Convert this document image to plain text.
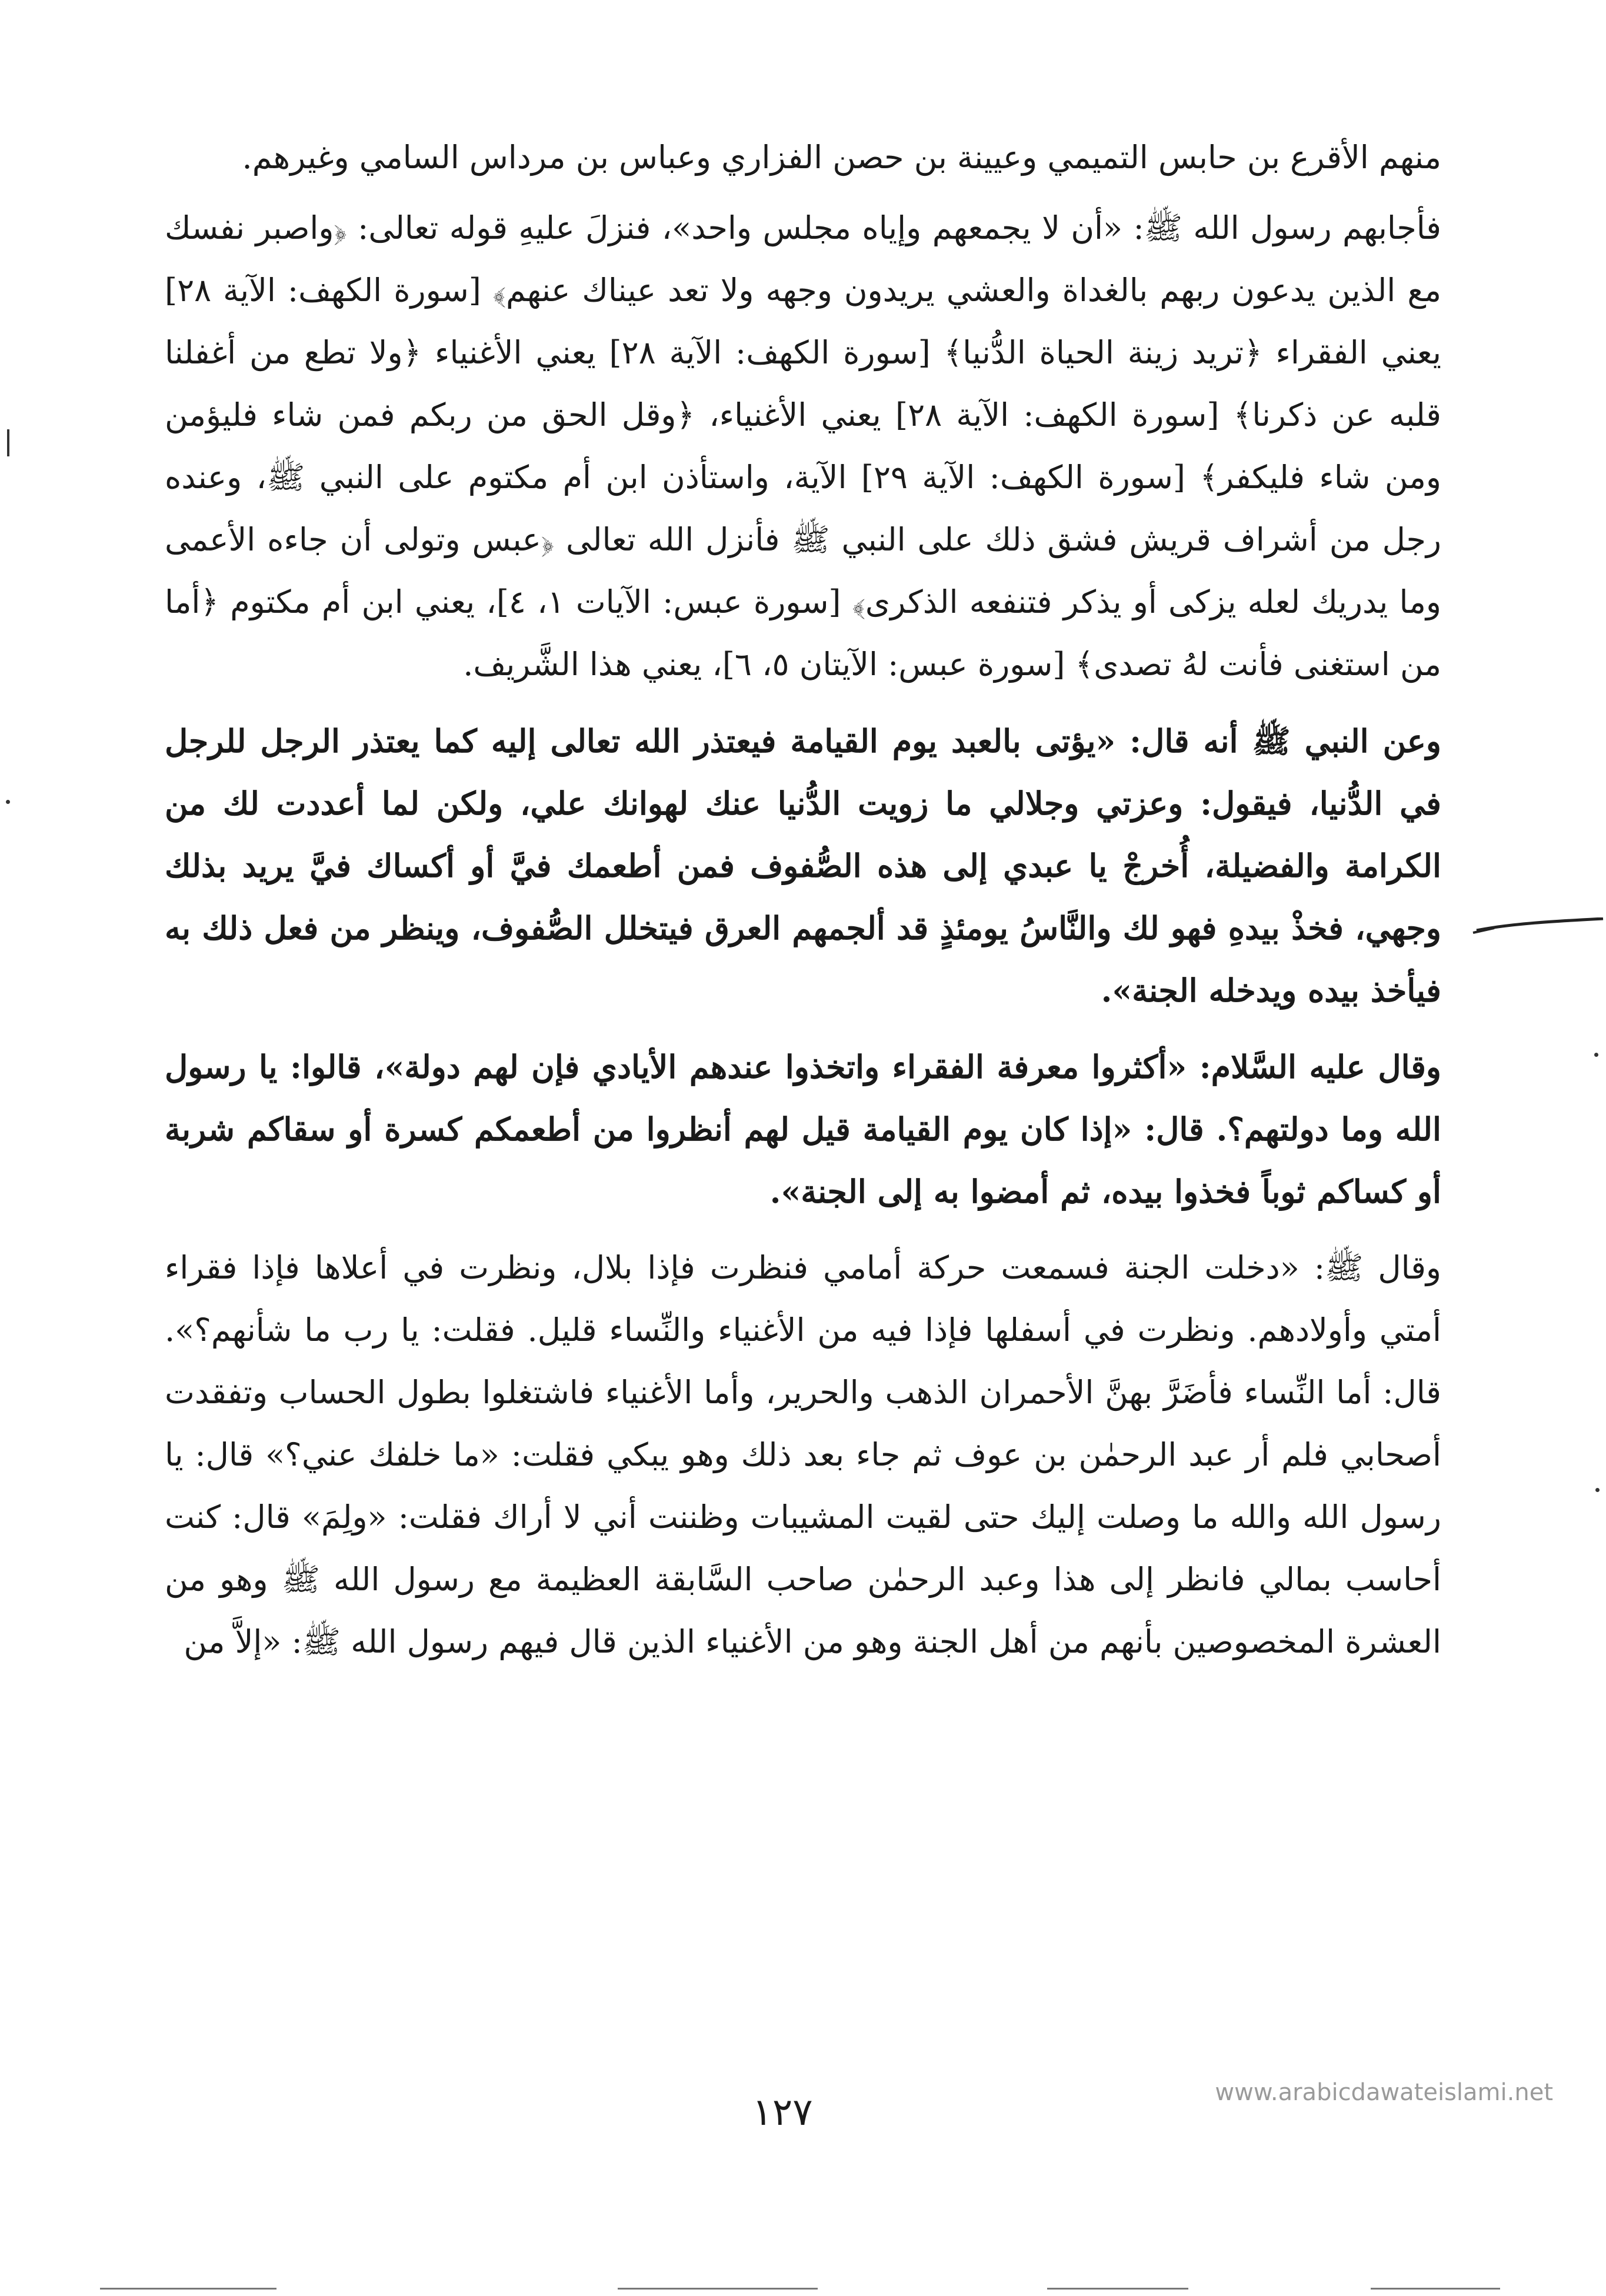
منهم الأقرع بن حابس التميمي وعيينة بن حصن الفزاري وعباس بن مرداس السامي وغيرهم.

فأجابهم رسول الله ﷺ: «أن لا يجمعهم وإياه مجلس واحد»، فنزلَ عليهِ قوله تعالى: ﴿واصبر نفسك مع الذين يدعون ربهم بالغداة والعشي يريدون وجهه ولا تعد عيناك عنهم﴾ [سورة الكهف: الآية ٢٨] يعني الفقراء ﴿تريد زينة الحياة الدُّنيا﴾ [سورة الكهف: الآية ٢٨] يعني الأغنياء ﴿ولا تطع من أغفلنا قلبه عن ذكرنا﴾ [سورة الكهف: الآية ٢٨] يعني الأغنياء، ﴿وقل الحق من ربكم فمن شاء فليؤمن ومن شاء فليكفر﴾ [سورة الكهف: الآية ٢٩] الآية، واستأذن ابن أم مكتوم على النبي ﷺ، وعنده رجل من أشراف قريش فشق ذلك على النبي ﷺ فأنزل الله تعالى ﴿عبس وتولى أن جاءه الأعمى وما يدريك لعله يزكى أو يذكر فتنفعه الذكرى﴾ [سورة عبس: الآيات ١، ٤]، يعني ابن أم مكتوم ﴿أما من استغنى فأنت لهُ تصدى﴾ [سورة عبس: الآيتان ٥، ٦]، يعني هذا الشَّريف.

وعن النبي ﷺ أنه قال: «يؤتى بالعبد يوم القيامة فيعتذر الله تعالى إليه كما يعتذر الرجل للرجل في الدُّنيا، فيقول: وعزتي وجلالي ما زويت الدُّنيا عنك لهوانك علي، ولكن لما أعددت لك من الكرامة والفضيلة، أُخرجْ يا عبدي إلى هذه الصُّفوف فمن أطعمك فيَّ أو أكساك فيَّ يريد بذلك وجهي، فخذْ بيدهِ فهو لك والنَّاسُ يومئذٍ قد ألجمهم العرق فيتخلل الصُّفوف، وينظر من فعل ذلك به فيأخذ بيده ويدخله الجنة».

وقال عليه السَّلام: «أكثروا معرفة الفقراء واتخذوا عندهم الأيادي فإن لهم دولة»، قالوا: يا رسول الله وما دولتهم؟. قال: «إذا كان يوم القيامة قيل لهم أنظروا من أطعمكم كسرة أو سقاكم شربة أو كساكم ثوباً فخذوا بيده، ثم أمضوا به إلى الجنة».

وقال ﷺ: «دخلت الجنة فسمعت حركة أمامي فنظرت فإذا بلال، ونظرت في أعلاها فإذا فقراء أمتي وأولادهم. ونظرت في أسفلها فإذا فيه من الأغنياء والنِّساء قليل. فقلت: يا رب ما شأنهم؟». قال: أما النِّساء فأضَرَّ بهنَّ الأحمران الذهب والحرير، وأما الأغنياء فاشتغلوا بطول الحساب وتفقدت أصحابي فلم أر عبد الرحمٰن بن عوف ثم جاء بعد ذلك وهو يبكي فقلت: «ما خلفك عني؟» قال: يا رسول الله والله ما وصلت إليك حتى لقيت المشيبات وظننت أني لا أراك فقلت: «ولِمَ» قال: كنت أحاسب بمالي فانظر إلى هذا وعبد الرحمٰن صاحب السَّابقة العظيمة مع رسول الله ﷺ وهو من العشرة المخصوصين بأنهم من أهل الجنة وهو من الأغنياء الذين قال فيهم رسول الله ﷺ: «إلاَّ من

١٢٧	www.arabicdawateislami.net
